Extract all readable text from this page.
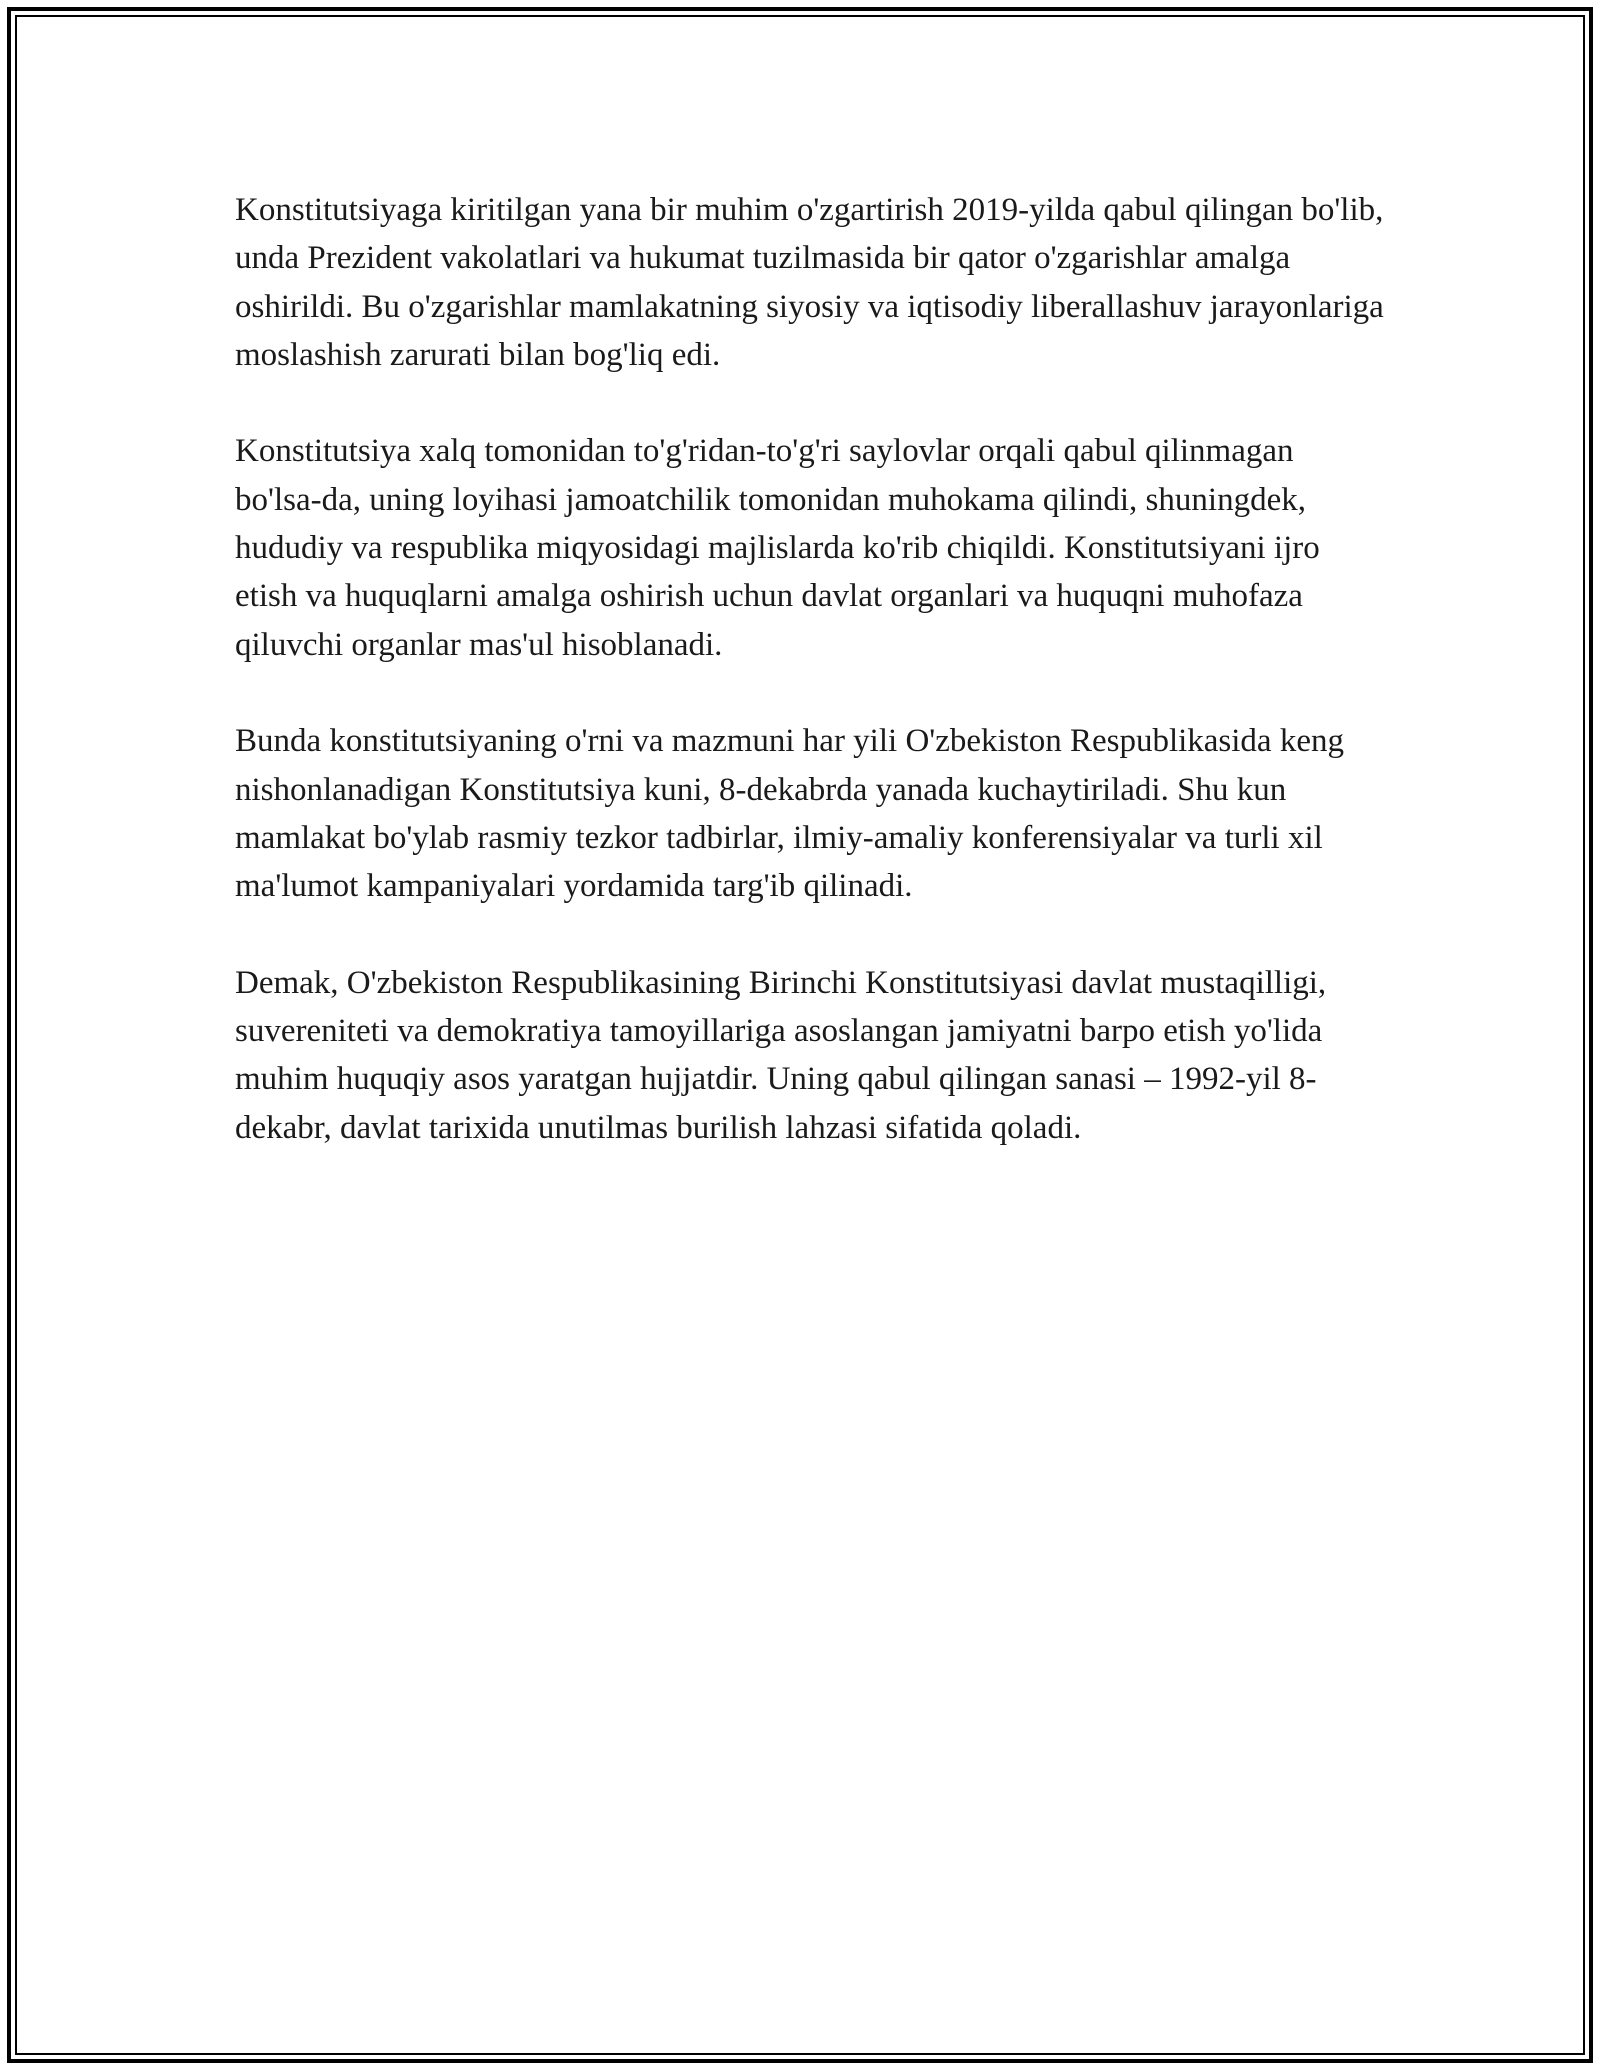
Konstitutsiyaga kiritilgan yana bir muhim o'zgartirish 2019-yilda qabul qilingan bo'lib, unda Prezident vakolatlari va hukumat tuzilmasida bir qator o'zgarishlar amalga oshirildi. Bu o'zgarishlar mamlakatning siyosiy va iqtisodiy liberallashuv jarayonlariga moslashish zarurati bilan bog'liq edi.

Konstitutsiya xalq tomonidan to'g'ridan-to'g'ri saylovlar orqali qabul qilinmagan bo'lsa-da, uning loyihasi jamoatchilik tomonidan muhokama qilindi, shuningdek, hududiy va respublika miqyosidagi majlislarda ko'rib chiqildi. Konstitutsiyani ijro etish va huquqlarni amalga oshirish uchun davlat organlari va huquqni muhofaza qiluvchi organlar mas'ul hisoblanadi.

Bunda konstitutsiyaning o'rni va mazmuni har yili O'zbekiston Respublikasida keng nishonlanadigan Konstitutsiya kuni, 8-dekabrda yanada kuchaytiriladi. Shu kun mamlakat bo'ylab rasmiy tezkor tadbirlar, ilmiy-amaliy konferensiyalar va turli xil ma'lumot kampaniyalari yordamida targ'ib qilinadi.

Demak, O'zbekiston Respublikasining Birinchi Konstitutsiyasi davlat mustaqilligi, suvereniteti va demokratiya tamoyillariga asoslangan jamiyatni barpo etish yo'lida muhim huquqiy asos yaratgan hujjatdir. Uning qabul qilingan sanasi – 1992-yil 8-dekabr, davlat tarixida unutilmas burilish lahzasi sifatida qoladi.
